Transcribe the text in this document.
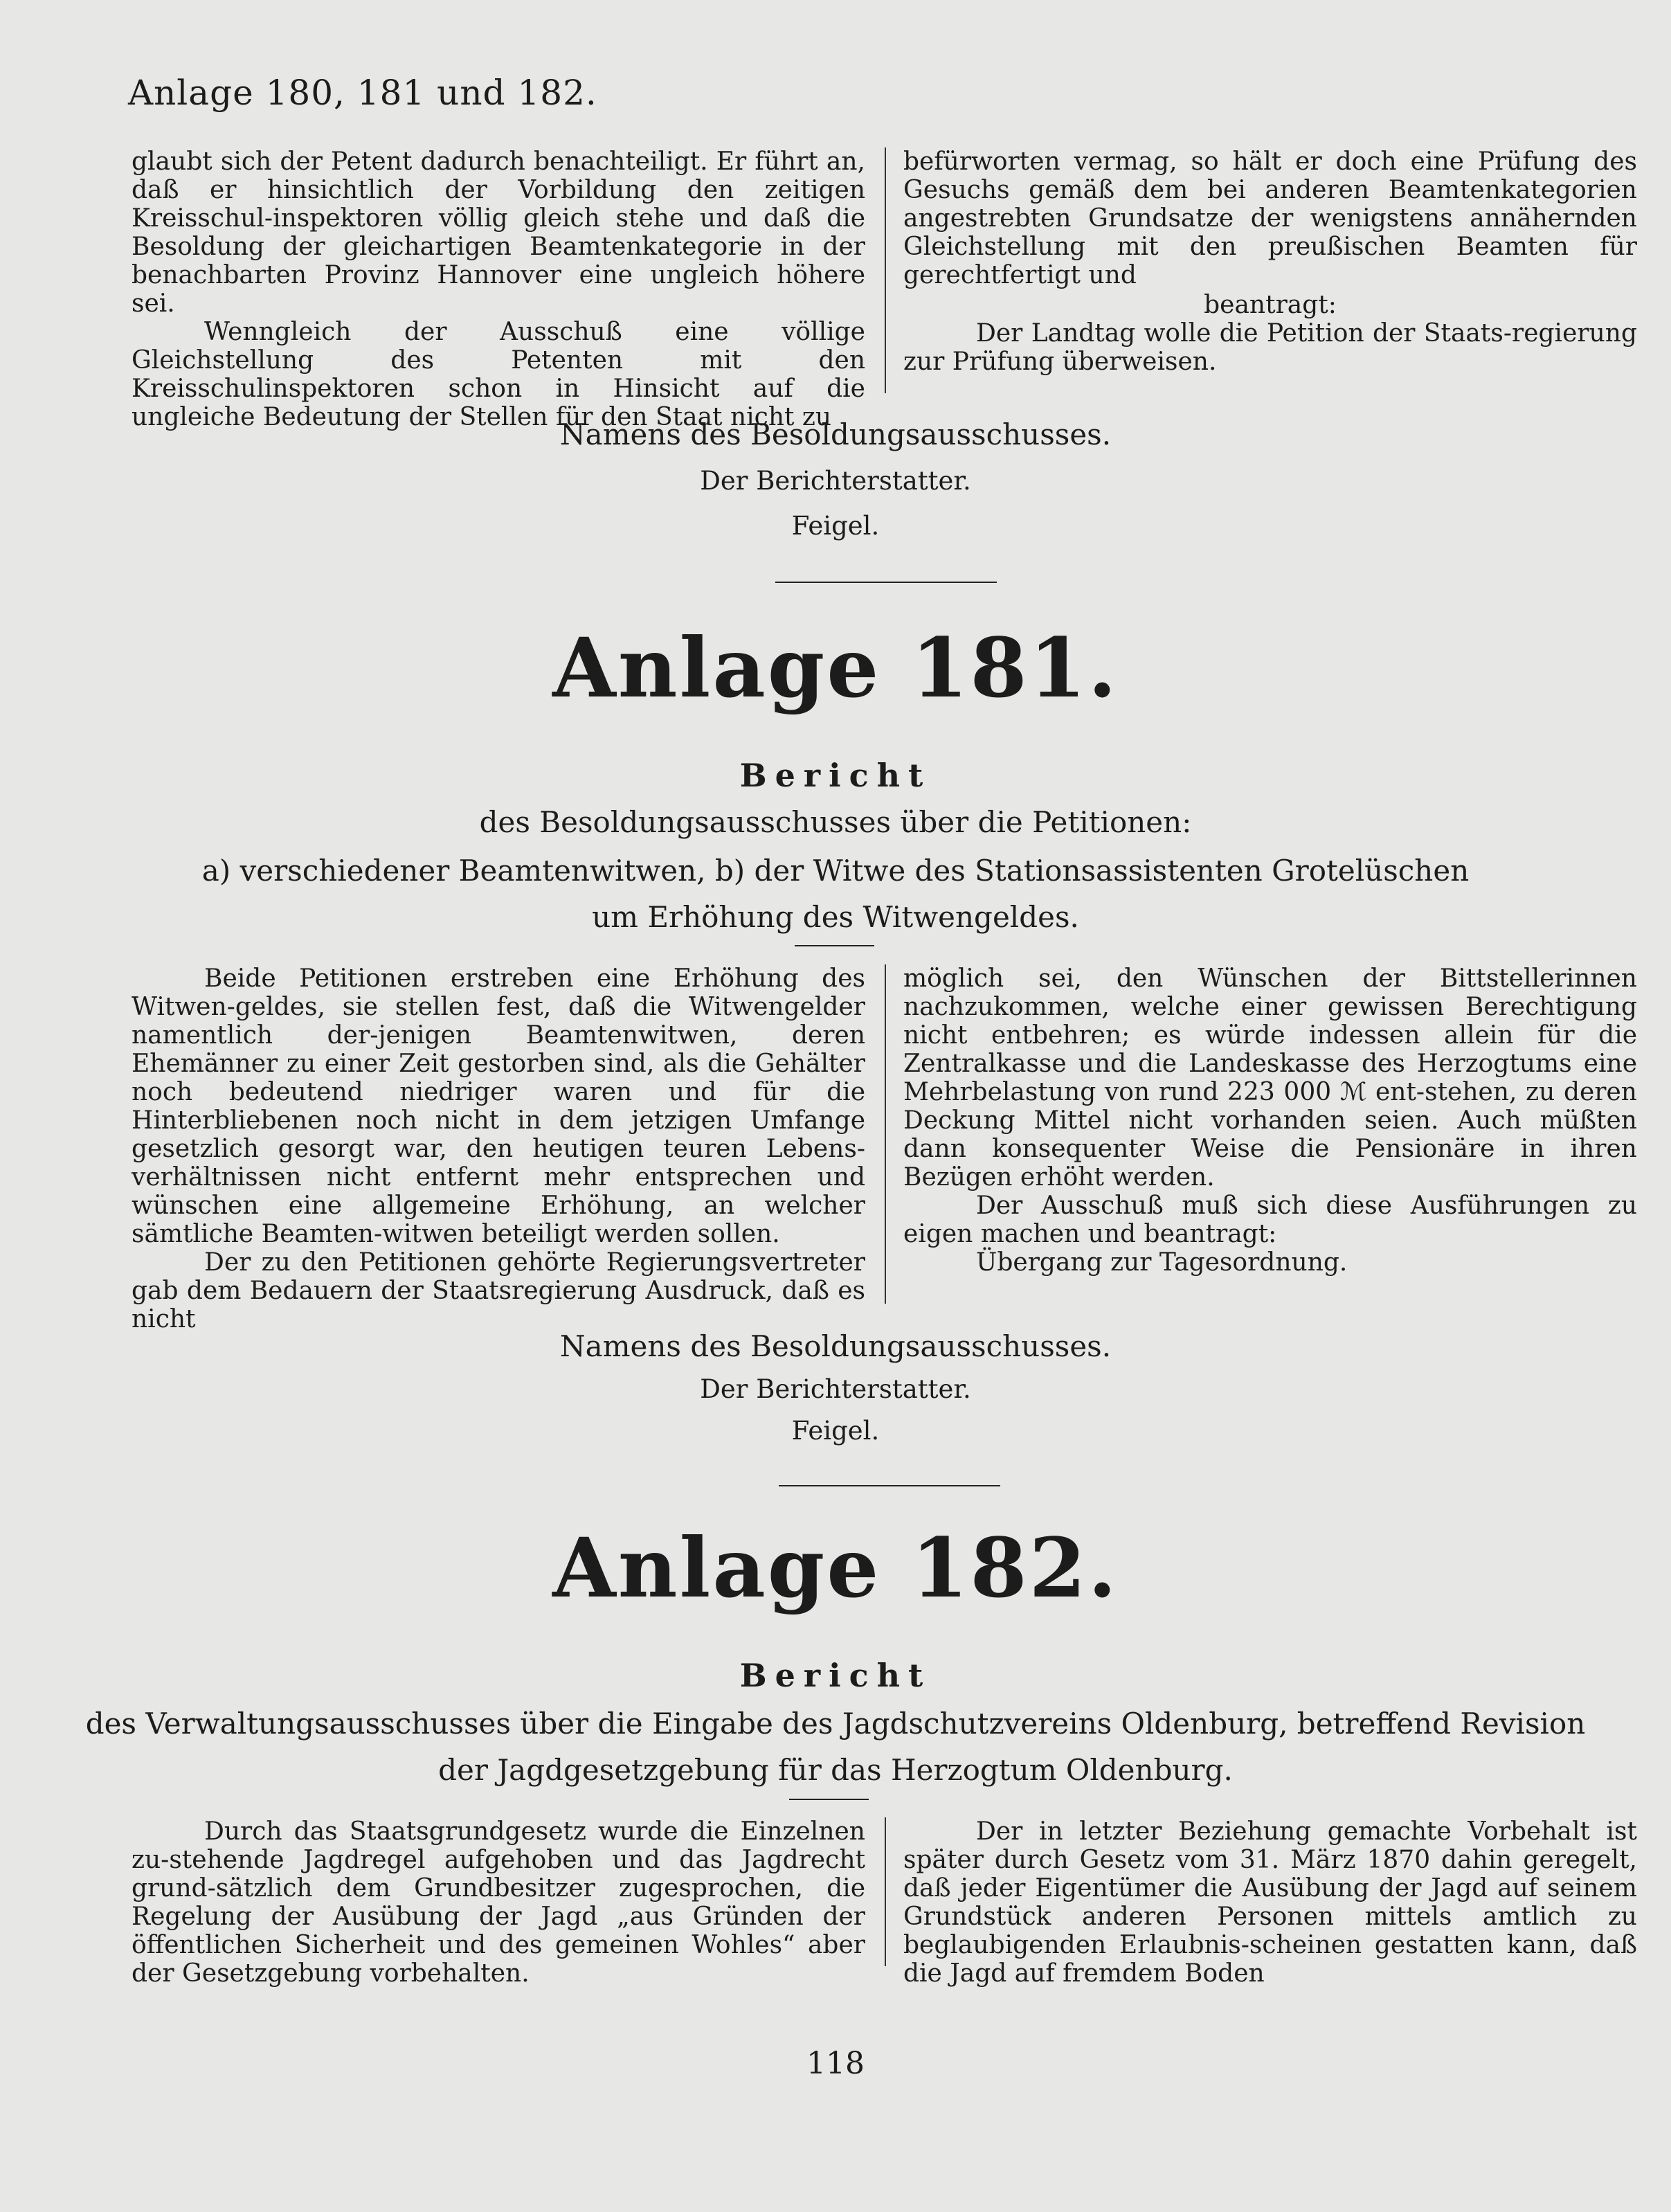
Anlage 180, 181 und 182.

glaubt sich der Petent dadurch benachteiligt. Er führt an, daß er hinsichtlich der Vorbildung den zeitigen Kreisschul-inspektoren völlig gleich stehe und daß die Besoldung der gleichartigen Beamtenkategorie in der benachbarten Provinz Hannover eine ungleich höhere sei.

Wenngleich der Ausschuß eine völlige Gleichstellung des Petenten mit den Kreisschulinspektoren schon in Hinsicht auf die ungleiche Bedeutung der Stellen für den Staat nicht zu

befürworten vermag, so hält er doch eine Prüfung des Gesuchs gemäß dem bei anderen Beamtenkategorien angestrebten Grundsatze der wenigstens annähernden Gleichstellung mit den preußischen Beamten für gerechtfertigt und

beantragt:

Der Landtag wolle die Petition der Staats-regierung zur Prüfung überweisen.

Namens des Besoldungsausschusses.
Der Berichterstatter.
Feigel.
Anlage 181.
Bericht
des Besoldungsausschusses über die Petitionen:
a) verschiedener Beamtenwitwen, b) der Witwe des Stationsassistenten Grotelüschen
um Erhöhung des Witwengeldes.

Beide Petitionen erstreben eine Erhöhung des Witwen-geldes, sie stellen fest, daß die Witwengelder namentlich der-jenigen Beamtenwitwen, deren Ehemänner zu einer Zeit gestorben sind, als die Gehälter noch bedeutend niedriger waren und für die Hinterbliebenen noch nicht in dem jetzigen Umfange gesetzlich gesorgt war, den heutigen teuren Lebens-verhältnissen nicht entfernt mehr entsprechen und wünschen eine allgemeine Erhöhung, an welcher sämtliche Beamten-witwen beteiligt werden sollen.

Der zu den Petitionen gehörte Regierungsvertreter gab dem Bedauern der Staatsregierung Ausdruck, daß es nicht

möglich sei, den Wünschen der Bittstellerinnen nachzukommen, welche einer gewissen Berechtigung nicht entbehren; es würde indessen allein für die Zentralkasse und die Landeskasse des Herzogtums eine Mehrbelastung von rund 223 000 ℳ ent-stehen, zu deren Deckung Mittel nicht vorhanden seien. Auch müßten dann konsequenter Weise die Pensionäre in ihren Bezügen erhöht werden.

Der Ausschuß muß sich diese Ausführungen zu eigen machen und beantragt:

Übergang zur Tagesordnung.

Namens des Besoldungsausschusses.
Der Berichterstatter.
Feigel.
Anlage 182.
Bericht
des Verwaltungsausschusses über die Eingabe des Jagdschutzvereins Oldenburg, betreffend Revision
der Jagdgesetzgebung für das Herzogtum Oldenburg.

Durch das Staatsgrundgesetz wurde die Einzelnen zu-stehende Jagdregel aufgehoben und das Jagdrecht grund-sätzlich dem Grundbesitzer zugesprochen, die Regelung der Ausübung der Jagd „aus Gründen der öffentlichen Sicherheit und des gemeinen Wohles“ aber der Gesetzgebung vorbehalten.

Der in letzter Beziehung gemachte Vorbehalt ist später durch Gesetz vom 31. März 1870 dahin geregelt, daß jeder Eigentümer die Ausübung der Jagd auf seinem Grundstück anderen Personen mittels amtlich zu beglaubigenden Erlaubnis-scheinen gestatten kann, daß die Jagd auf fremdem Boden

118
